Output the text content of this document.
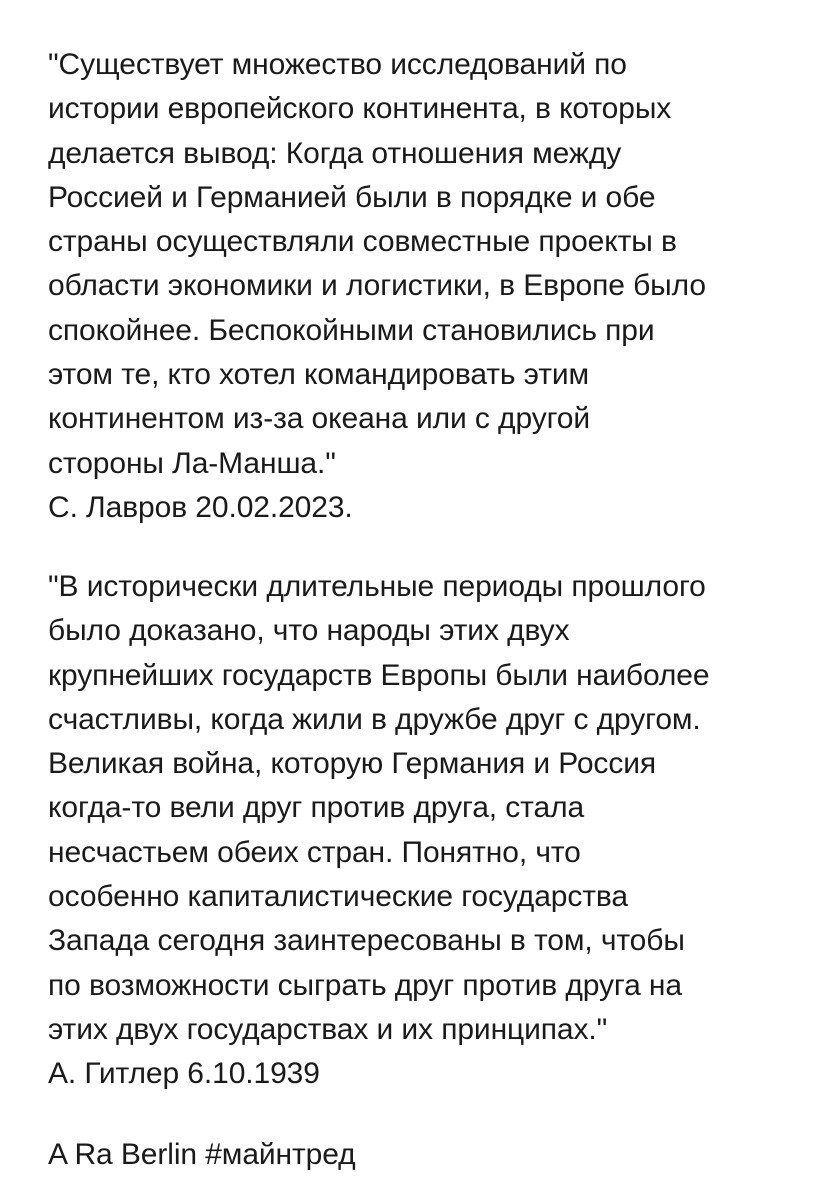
"Существует множество исследований по
истории европейского континента, в которых
делается вывод: Когда отношения между
Россией и Германией были в порядке и обе
страны осуществляли совместные проекты в
области экономики и логистики, в Европе было
спокойнее. Беспокойными становились при
этом те, кто хотел командировать этим
континентом из-за океана или с другой
стороны Ла-Манша."
С. Лавров 20.02.2023.
"В исторически длительные периоды прошлого
было доказано, что народы этих двух
крупнейших государств Европы были наиболее
счастливы, когда жили в дружбе друг с другом.
Великая война, которую Германия и Россия
когда-то вели друг против друга, стала
несчастьем обеих стран. Понятно, что
особенно капиталистические государства
Запада сегодня заинтересованы в том, чтобы
по возможности сыграть друг против друга на
этих двух государствах и их принципах."
А. Гитлер 6.10.1939
A Ra Berlin #майнтред
